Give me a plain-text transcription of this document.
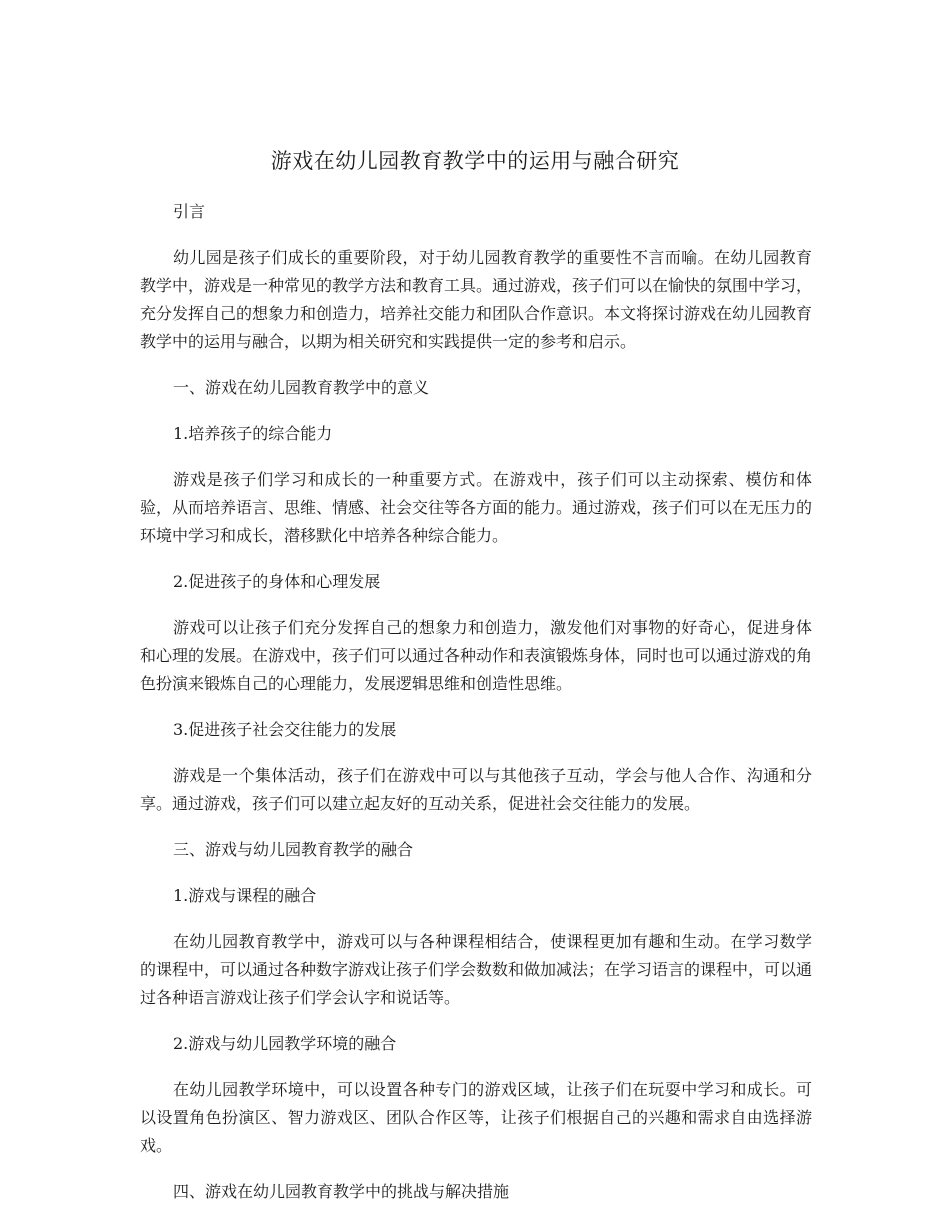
游戏在幼儿园教育教学中的运用与融合研究

引言

幼儿园是孩子们成长的重要阶段，对于幼儿园教育教学的重要性不言而喻。在幼儿园教育教学中，游戏是一种常见的教学方法和教育工具。通过游戏，孩子们可以在愉快的氛围中学习，充分发挥自己的想象力和创造力，培养社交能力和团队合作意识。本文将探讨游戏在幼儿园教育教学中的运用与融合，以期为相关研究和实践提供一定的参考和启示。

一、游戏在幼儿园教育教学中的意义

1.培养孩子的综合能力

游戏是孩子们学习和成长的一种重要方式。在游戏中，孩子们可以主动探索、模仿和体验，从而培养语言、思维、情感、社会交往等各方面的能力。通过游戏，孩子们可以在无压力的环境中学习和成长，潜移默化中培养各种综合能力。

2.促进孩子的身体和心理发展

游戏可以让孩子们充分发挥自己的想象力和创造力，激发他们对事物的好奇心，促进身体和心理的发展。在游戏中，孩子们可以通过各种动作和表演锻炼身体，同时也可以通过游戏的角色扮演来锻炼自己的心理能力，发展逻辑思维和创造性思维。

3.促进孩子社会交往能力的发展

游戏是一个集体活动，孩子们在游戏中可以与其他孩子互动，学会与他人合作、沟通和分享。通过游戏，孩子们可以建立起友好的互动关系，促进社会交往能力的发展。

三、游戏与幼儿园教育教学的融合

1.游戏与课程的融合

在幼儿园教育教学中，游戏可以与各种课程相结合，使课程更加有趣和生动。在学习数学的课程中，可以通过各种数字游戏让孩子们学会数数和做加减法；在学习语言的课程中，可以通过各种语言游戏让孩子们学会认字和说话等。

2.游戏与幼儿园教学环境的融合

在幼儿园教学环境中，可以设置各种专门的游戏区域，让孩子们在玩耍中学习和成长。可以设置角色扮演区、智力游戏区、团队合作区等，让孩子们根据自己的兴趣和需求自由选择游戏。

四、游戏在幼儿园教育教学中的挑战与解决措施
